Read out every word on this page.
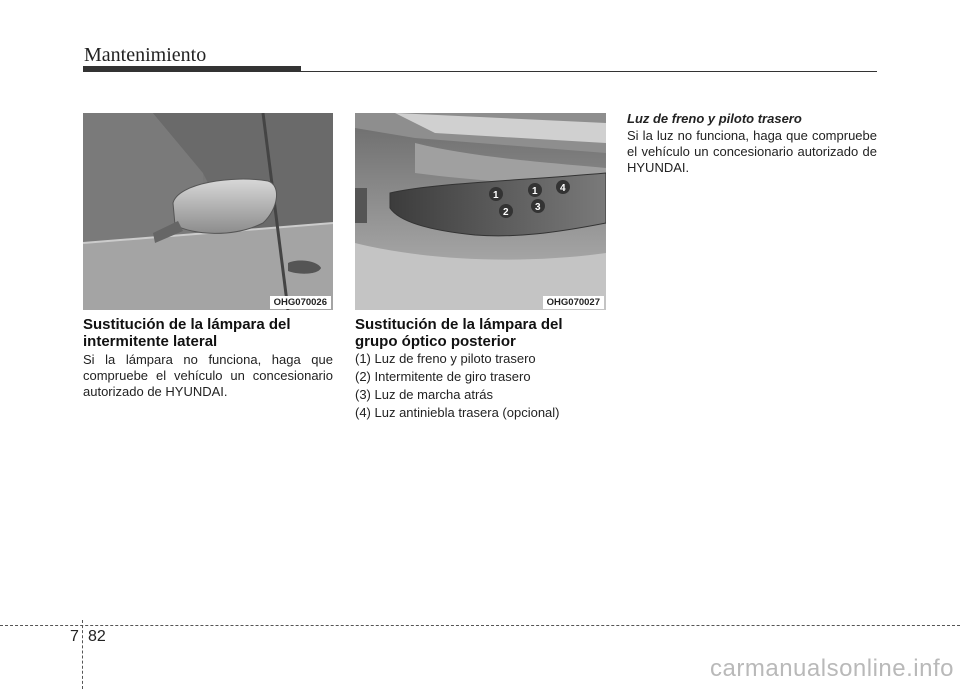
Mantenimiento
OHG070026
1	1
2	3
4
OHG070027
Sustitución de la lámpara del intermitente lateral
Si la lámpara no funciona, haga que compruebe el vehículo un concesionario autorizado de HYUNDAI.
Sustitución de la lámpara del grupo óptico posterior
(1) Luz de freno y piloto trasero
(2) Intermitente de giro trasero
(3) Luz de marcha atrás
(4) Luz antiniebla trasera (opcional)
Luz de freno y piloto trasero
Si la luz no funciona, haga que compruebe el vehículo un concesionario autorizado de HYUNDAI.
7 82
carmanualsonline.info
